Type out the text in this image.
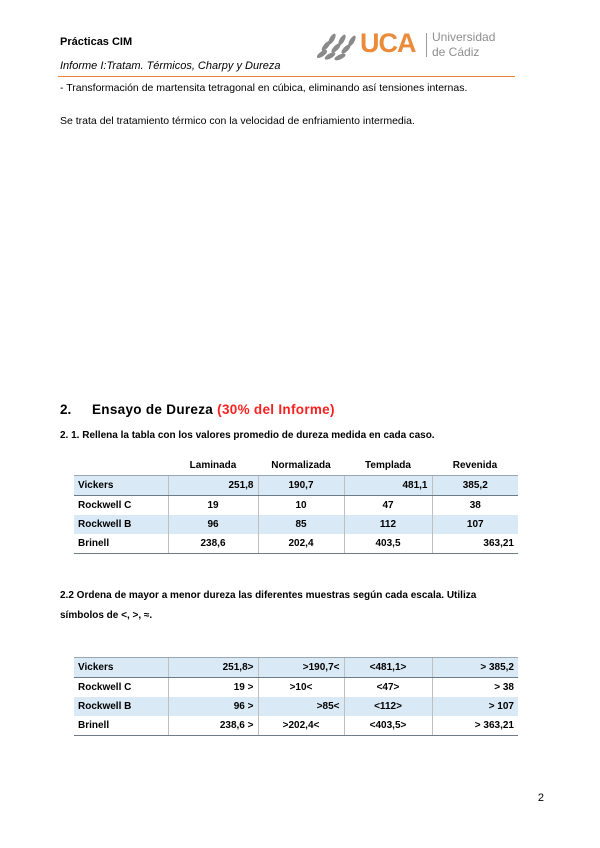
Prácticas CIM
Informe I:Tratam. Térmicos, Charpy y Dureza
UCA Universidad
de Cádiz
- Transformación de martensita tetragonal en cúbica, eliminando así tensiones internas.
Se trata del tratamiento térmico con la velocidad de enfriamiento intermedia.
2. Ensayo de Dureza (30% del Informe)
2. 1. Rellena la tabla con los valores promedio de dureza medida en cada caso.
	Laminada	Normalizada	Templada	Revenida
Vickers	251,8	190,7	481,1	385,2
Rockwell C	19	10	47	38
Rockwell B	96	85	112	107
Brinell	238,6	202,4	403,5	363,21
2.2 Ordena de mayor a menor dureza las diferentes muestras según cada escala. Utiliza
símbolos de <, >, ≈.
Vickers	251,8>	>190,7<	<481,1>	> 385,2
Rockwell C	19 >	>10<	<47>	> 38
Rockwell B	96 >	>85<	<112>	> 107
Brinell	238,6 >	>202,4<	<403,5>	> 363,21
2
